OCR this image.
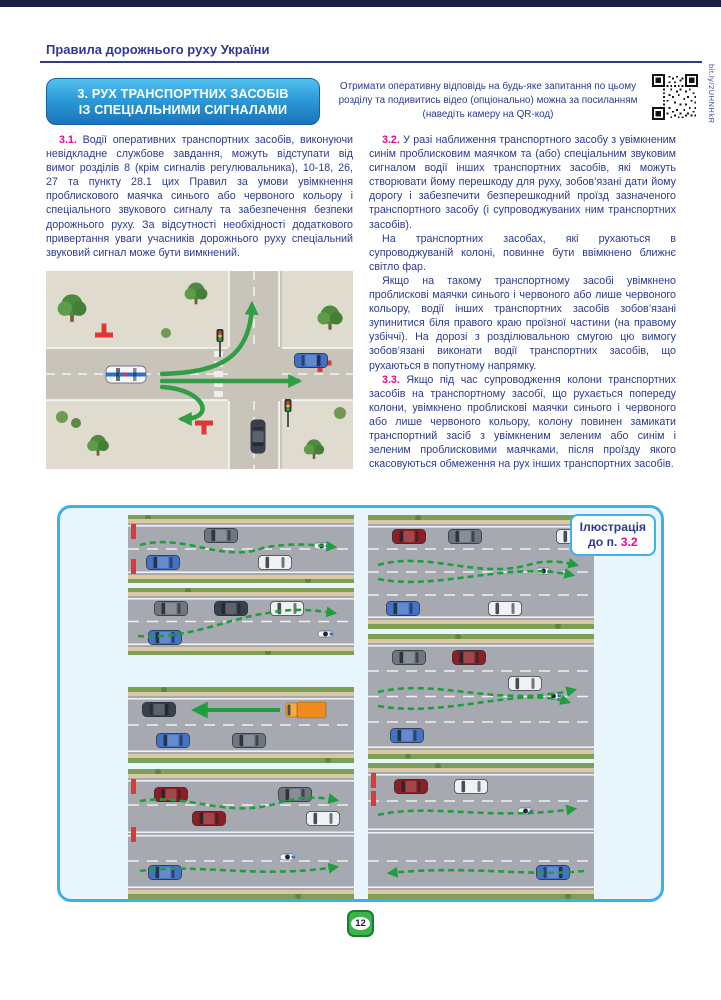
Правила дорожнього руху України
3. РУХ ТРАНСПОРТНИХ ЗАСОБІВ
ІЗ СПЕЦІАЛЬНИМИ СИГНАЛАМИ
Отримати оперативну відповідь на будь-яке запитання по цьому розділу та подивитись відео (опціонально) можна за посиланням (наведіть камеру на QR-код)	bit.ly/2UHNHkR

3.1. Водії оперативних транспортних засобів, виконуючи невідкладне службове завдання, можуть відступати від вимог розділів 8 (крім сигналів регулювальника), 10-18, 26, 27 та пункту 28.1 цих Правил за умови увімкнення проблискового маячка синього або червоного кольору і спеціального звукового сигналу та забезпечення безпеки дорожнього руху. За відсутності необхідності додаткового привертання уваги учасників дорожнього руху спеціальний звуковий сигнал може бути вимкнений.

3.2. У разі наближення транспортного засобу з увімкненим синім проблисковим маячком та (або) спеціальним звуковим сигналом водії інших транспортних засобів, які можуть створювати йому перешкоду для руху, зобов’язані дати йому дорогу і забезпечити безперешкодний проїзд зазначеного транспортного засобу (і супроводжуваних ним транспортних засобів).

На транспортних засобах, які рухаються в супроводжуваній колоні, повинне бути ввімкнено ближнє світло фар.

Якщо на такому транспортному засобі увімкнено проблискові маячки синього і червоного або лише червоного кольору, водії інших транспортних засобів зобов’язані зупинитися біля правого краю проїзної частини (на правому узбіччі). На дорозі з розділювальною смугою цю вимогу зобов’язані виконати водії транспортних засобів, що рухаються в попутному напрямку.

3.3. Якщо під час супроводження колони транспортних засобів на транспортному засобі, що рухається попереду колони, увімкнено проблискові маячки синього і червоного або лише червоного кольору, колону повинен замикати транспортний засіб з увімкненим зеленим або синім і зеленим проблисковими маячками, після проїзду якого скасовуються обмеження на рух інших транспортних засобів.

Ілюстрація
до п. 3.2
12
